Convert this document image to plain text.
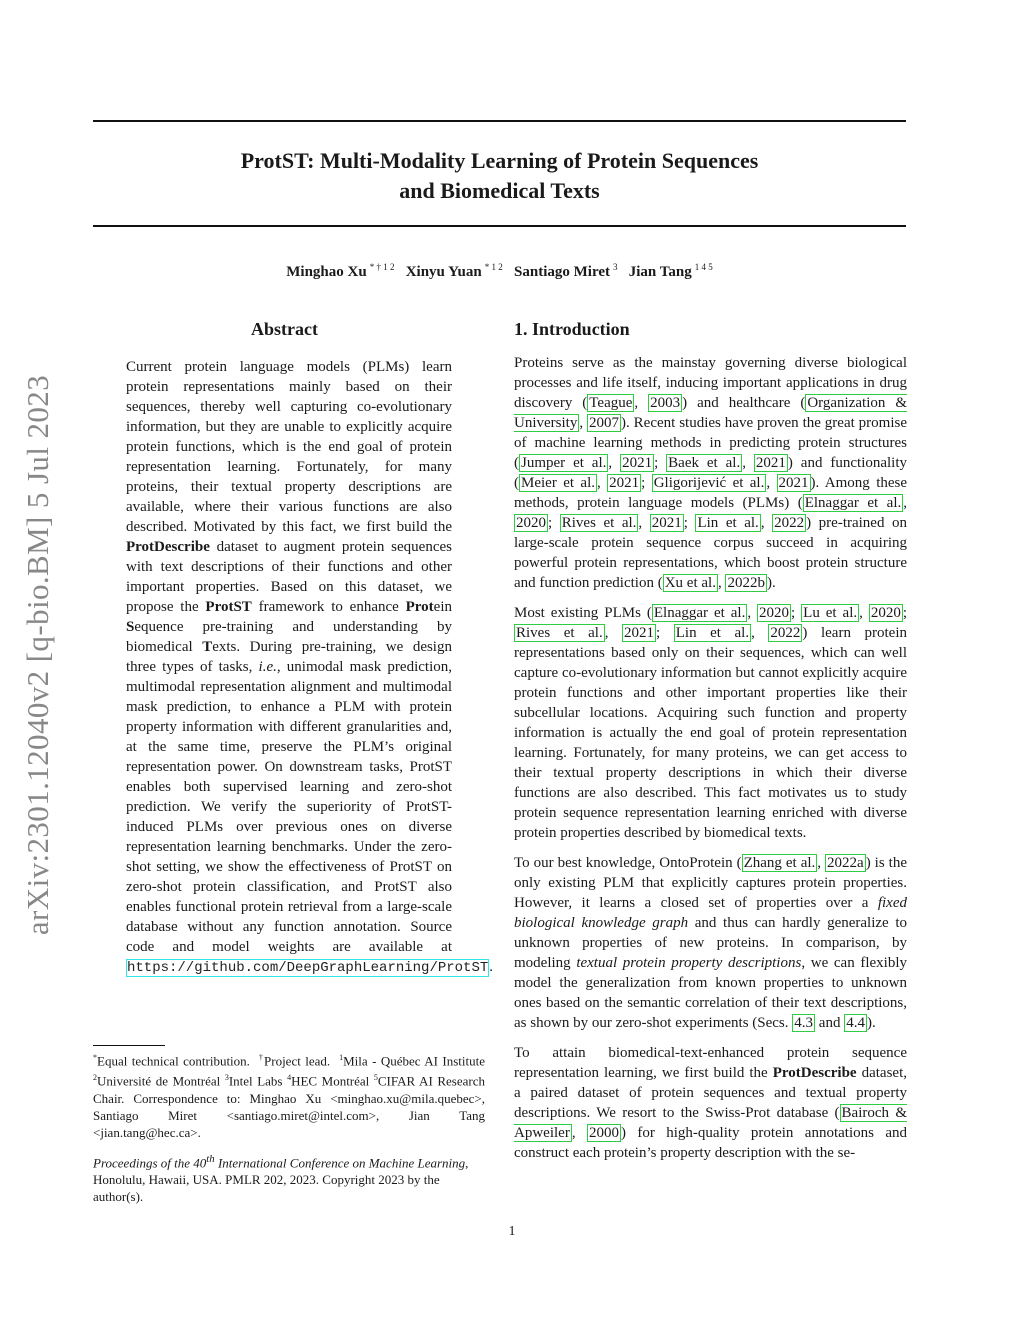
ProtST: Multi-Modality Learning of Protein Sequences
and Biomedical Texts
Minghao Xu  $^{* \dagger 1 2}$ Xinyu Yuan  $^{* 1 2}$ Santiago Miret  $^3$ Jian Tang  $^{1 4 5}$
arXiv:2301.12040v2 [q-bio.BM] 5 Jul 2023
Abstract
Current protein language models (PLMs) learn protein representations mainly based on their sequences, thereby well capturing co-evolutionary information, but they are unable to explicitly acquire protein functions, which is the end goal of protein representation learning. Fortunately, for many proteins, their textual property descriptions are available, where their various functions are also described. Motivated by this fact, we first build the ProtDescribe dataset to augment protein sequences with text descriptions of their functions and other important properties. Based on this dataset, we propose the ProtST framework to enhance Protein Sequence pre-training and understanding by biomedical Texts. During pre-training, we design three types of tasks, i.e., unimodal mask prediction, multimodal representation alignment and multimodal mask prediction, to enhance a PLM with protein property information with different granularities and, at the same time, preserve the PLM’s original representation power. On downstream tasks, ProtST enables both supervised learning and zero-shot prediction. We verify the superiority of ProtST-induced PLMs over previous ones on diverse representation learning benchmarks. Under the zero-shot setting, we show the effectiveness of ProtST on zero-shot protein classification, and ProtST also enables functional protein retrieval from a large-scale database without any function annotation. Source code and model weights are available at https://github.com/DeepGraphLearning/ProtST.
*Equal technical contribution. †Project lead. $^1$Mila - Québec AI Institute $^2$Université de Montréal $^3$Intel Labs $^4$HEC Montréal $^5$CIFAR AI Research Chair. Correspondence to: Minghao Xu <minghao.xu@mila.quebec>, Santiago Miret <santiago.miret@intel.com>, Jian Tang <jian.tang@hec.ca>.
Proceedings of the 40th International Conference on Machine Learning, Honolulu, Hawaii, USA. PMLR 202, 2023. Copyright 2023 by the author(s).
1. Introduction

Proteins serve as the mainstay governing diverse biological processes and life itself, inducing important applications in drug discovery ( Teague , 2003 ) and healthcare ( Organization & University , 2007 ). Recent studies have proven the great promise of machine learning methods in predicting protein structures ( Jumper et al. , 2021 ; Baek et al. , 2021 ) and functionality ( Meier et al. , 2021 ; Gligorijević et al. , 2021 ). Among these methods, protein language models (PLMs) ( Elnaggar et al. , 2020 ; Rives et al. , 2021 ; Lin et al. , 2022 ) pre-trained on large-scale protein sequence corpus succeed in acquiring powerful protein representations, which boost protein structure and function prediction ( Xu et al. , 2022b ).

Most existing PLMs ( Elnaggar et al. , 2020 ; Lu et al. , 2020 ; Rives et al. , 2021 ; Lin et al. , 2022 ) learn protein representations based only on their sequences, which can well capture co-evolutionary information but cannot explicitly acquire protein functions and other important properties like their subcellular locations. Acquiring such function and property information is actually the end goal of protein representation learning. Fortunately, for many proteins, we can get access to their textual property descriptions in which their diverse functions are also described. This fact motivates us to study protein sequence representation learning enriched with diverse protein properties described by biomedical texts.

To our best knowledge, OntoProtein ( Zhang et al. , 2022a ) is the only existing PLM that explicitly captures protein properties. However, it learns a closed set of properties over a fixed biological knowledge graph and thus can hardly generalize to unknown properties of new proteins. In comparison, by modeling textual protein property descriptions, we can flexibly model the generalization from known properties to unknown ones based on the semantic correlation of their text descriptions, as shown by our zero-shot experiments (Secs. 4.3 and 4.4 ).

To attain biomedical-text-enhanced protein sequence representation learning, we first build the ProtDescribe dataset, a paired dataset of protein sequences and textual property descriptions. We resort to the Swiss-Prot database ( Bairoch & Apweiler , 2000 ) for high-quality protein annotations and construct each protein’s property description with the se-

1
